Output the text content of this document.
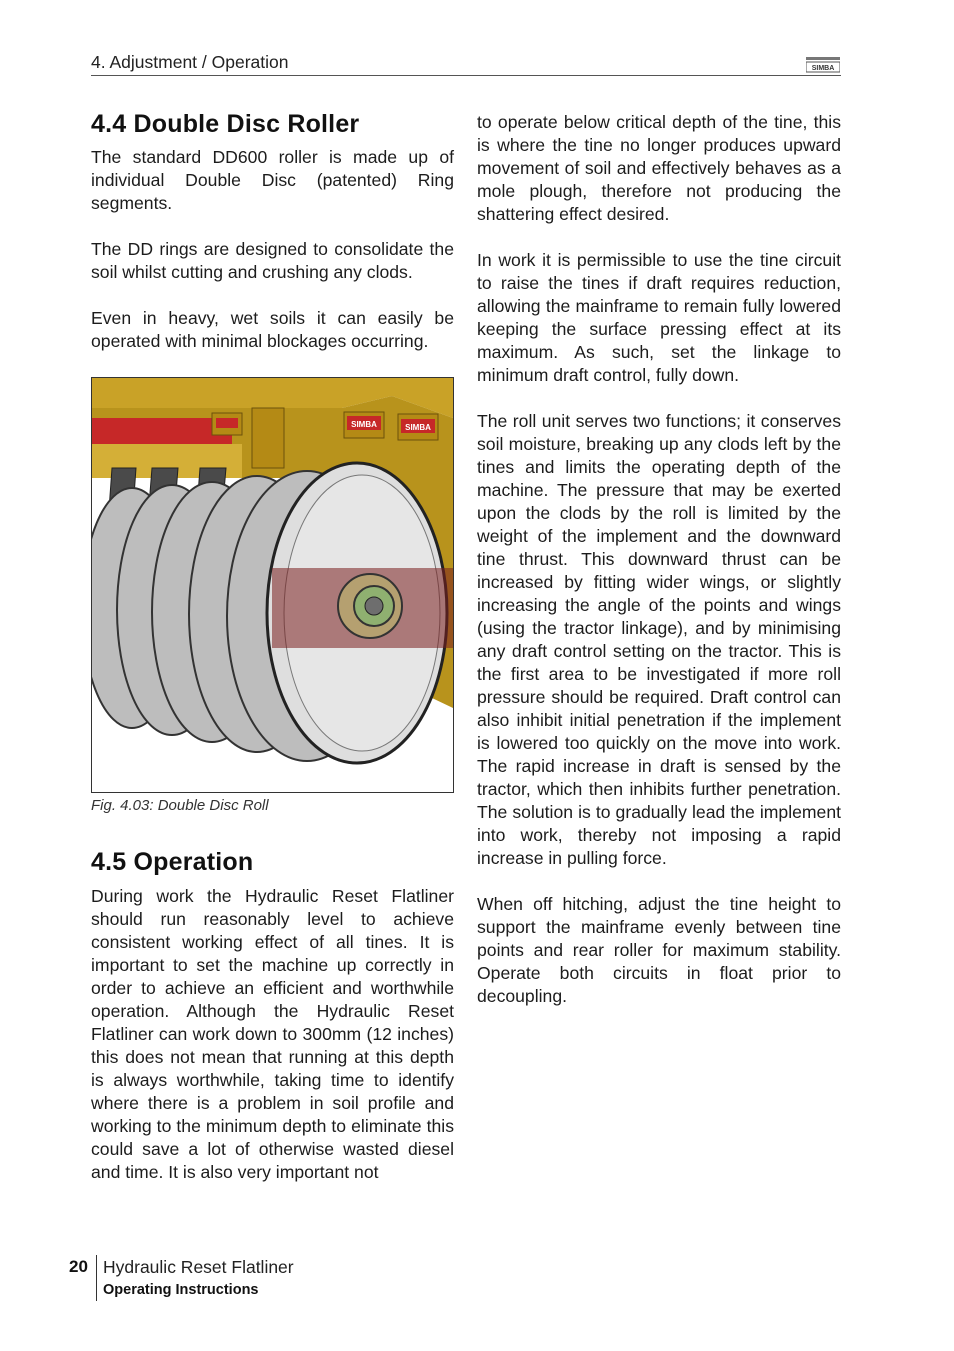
4. Adjustment / Operation	SIMBA
4.4 Double Disc Roller

The standard DD600 roller is made up of individual Double Disc (patented) Ring segments.

The DD rings are designed to consolidate the soil whilst cutting and crushing any clods.

Even in heavy, wet soils it can easily be operated with minimal blockages occurring.

SIMBA	SIMBA
Fig. 4.03: Double Disc Roll
4.5 Operation

During work the Hydraulic Reset Flatliner should run reasonably level to achieve consistent working effect of all tines. It is important to set the machine up correctly in order to achieve an efficient and worthwhile operation. Although the Hydraulic Reset Flatliner can work down to 300mm (12 inches) this does not mean that running at this depth is always worthwhile, taking time to identify where there is a problem in soil profile and working to the minimum depth to eliminate this could save a lot of otherwise wasted diesel and time. It is also very important not

to operate below critical depth of the tine, this is where the tine no longer produces upward movement of soil and effectively behaves as a mole plough, therefore not producing the shattering effect desired.

In work it is permissible to use the tine circuit to raise the tines if draft requires reduction, allowing the mainframe to remain fully lowered keeping the surface pressing effect at its maximum. As such, set the linkage to minimum draft control, fully down.

The roll unit serves two functions; it conserves soil moisture, breaking up any clods left by the tines and limits the operating depth of the machine. The pressure that may be exerted upon the clods by the roll is limited by the weight of the implement and the downward tine thrust. This downward thrust can be increased by fitting wider wings, or slightly increasing the angle of the points and wings (using the tractor linkage), and by minimising any draft control setting on the tractor. This is the first area to be investigated if more roll pressure should be required. Draft control can also inhibit initial penetration if the implement is lowered too quickly on the move into work. The rapid increase in draft is sensed by the tractor, which then inhibits further penetration. The solution is to gradually lead the implement into work, thereby not imposing a rapid increase in pulling force.

When off hitching, adjust the tine height to support the mainframe evenly between tine points and rear roller for maximum stability. Operate both circuits in float prior to decoupling.

20 Hydraulic Reset Flatliner
Operating Instructions
